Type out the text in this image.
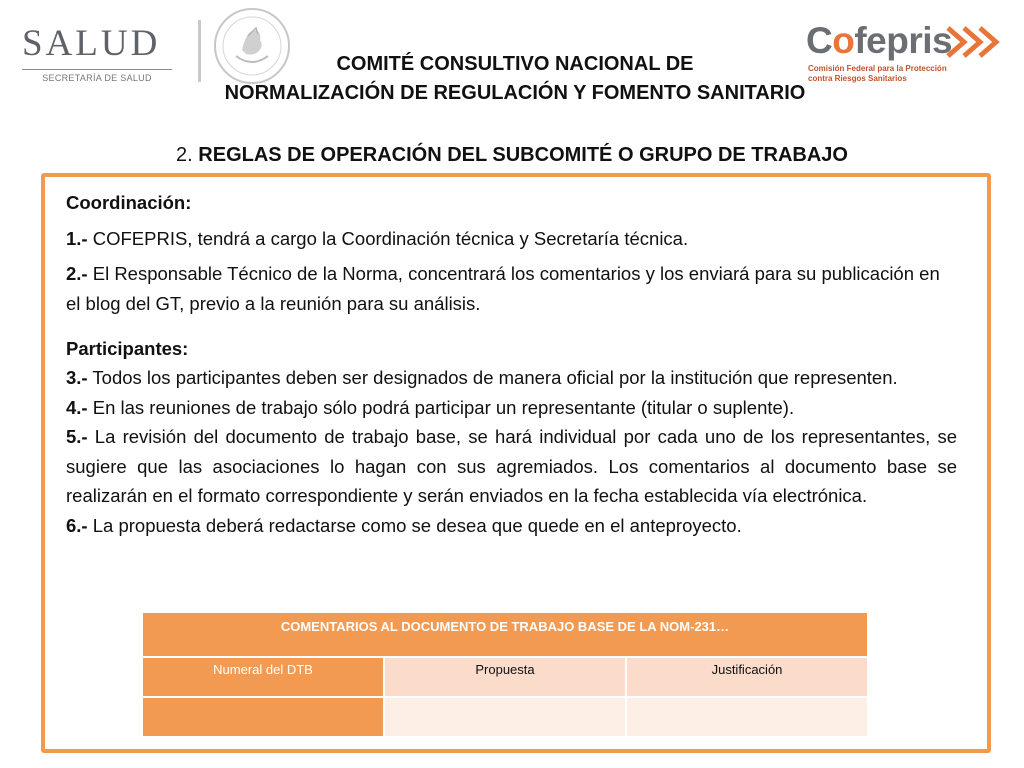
SALUD
SECRETARÍA DE SALUD
COMITÉ CONSULTIVO NACIONAL DE
NORMALIZACIÓN DE REGULACIÓN Y FOMENTO SANITARIO
2. REGLAS DE OPERACIÓN DEL SUBCOMITÉ O GRUPO DE TRABAJO
Cofepris
Comisión Federal para la Protección
contra Riesgos Sanitarios
Coordinación:
1.- COFEPRIS, tendrá a cargo la Coordinación técnica y Secretaría técnica.
2.- El Responsable Técnico de la Norma, concentrará los comentarios y los enviará para su publicación en el blog del GT, previo a la reunión para su análisis.
Participantes:
3.- Todos los participantes deben ser designados de manera oficial por la institución que representen.
4.- En las reuniones de trabajo sólo podrá participar un representante (titular o suplente).
5.- La revisión del documento de trabajo base, se hará individual por cada uno de los representantes, se sugiere que las asociaciones lo hagan con sus agremiados. Los comentarios al documento base se realizarán en el formato correspondiente y serán enviados en la fecha establecida vía electrónica.
6.- La propuesta deberá redactarse como se desea que quede en el anteproyecto.
COMENTARIOS AL DOCUMENTO DE TRABAJO BASE DE LA NOM-231…		
Numeral del DTB	Propuesta	Justificación
